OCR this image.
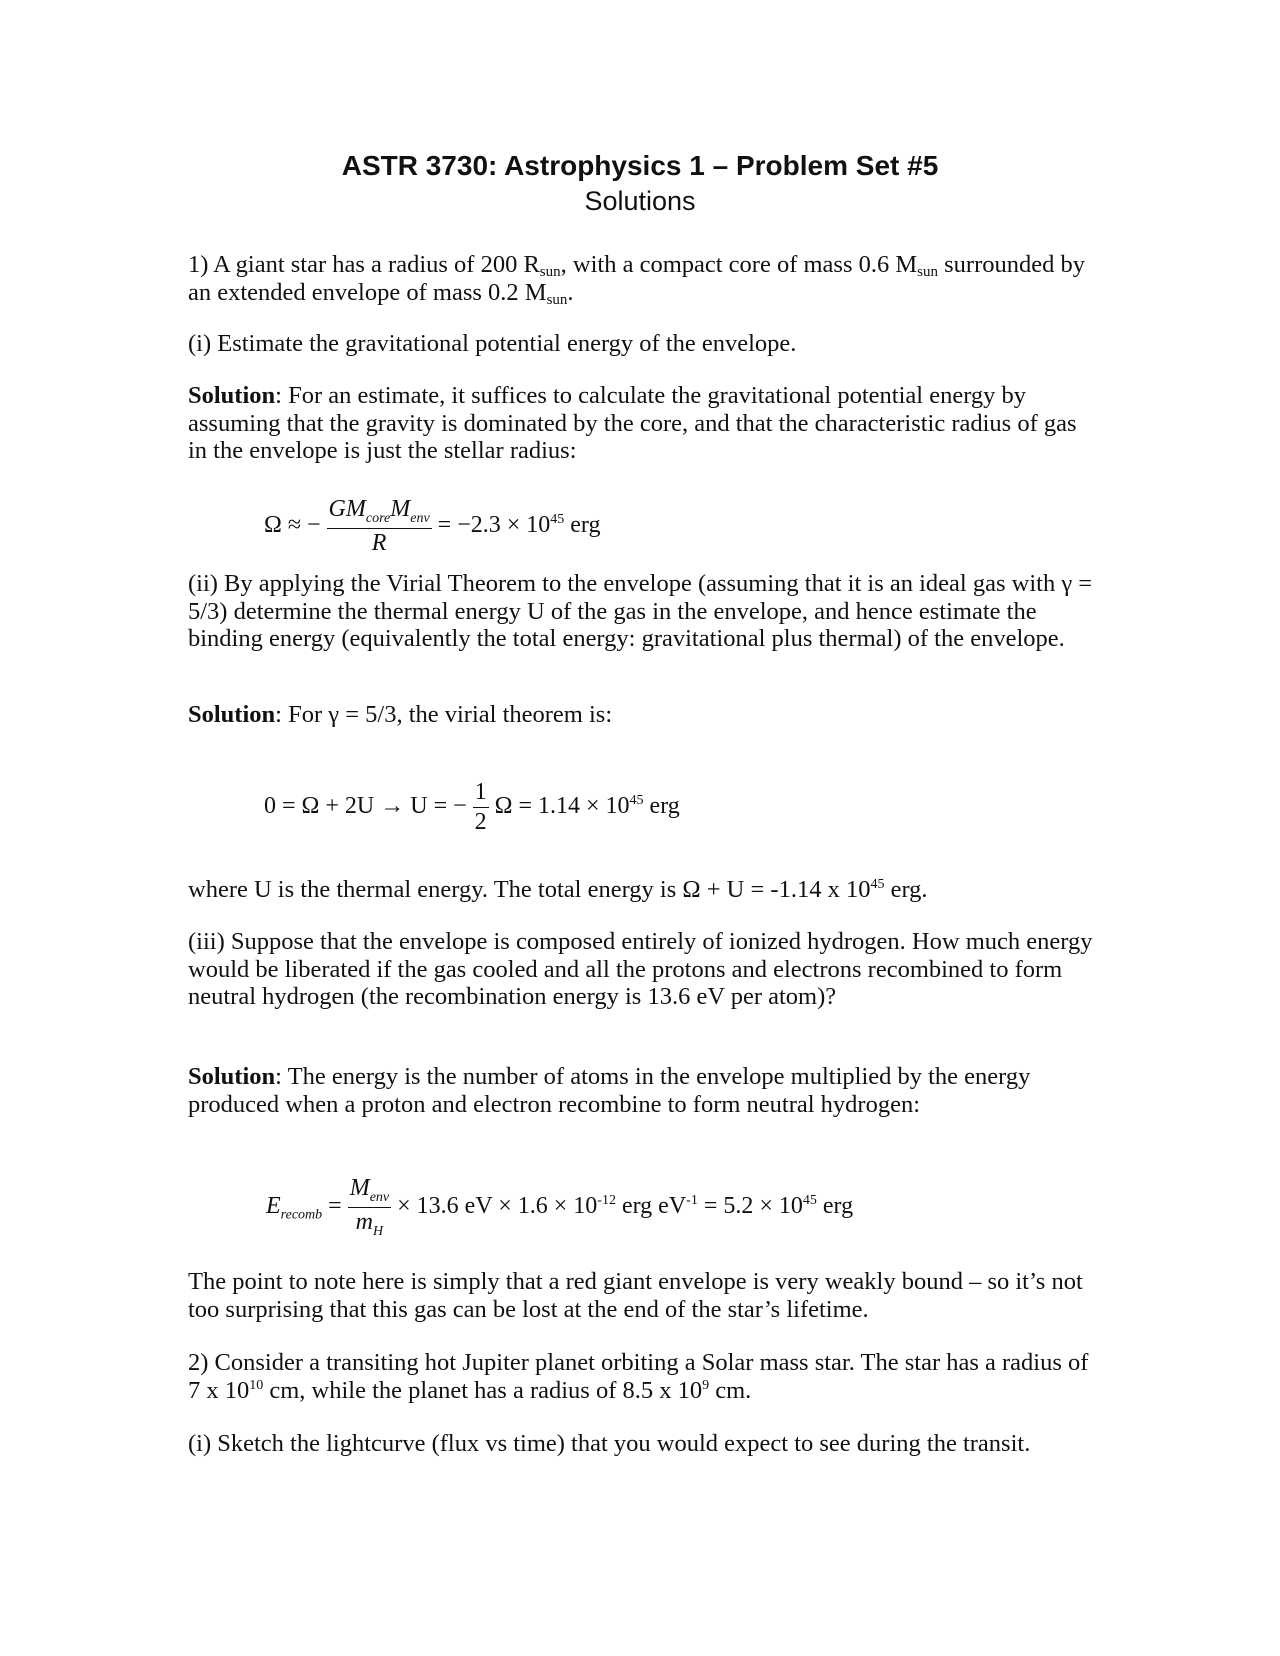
ASTR 3730: Astrophysics 1 – Problem Set #5
Solutions

1) A giant star has a radius of 200 $R_{sun}$, with a compact core of mass 0.6 $M_{sun}$ surrounded by an extended envelope of mass 0.2 $M_{sun}$.

(i) Estimate the gravitational potential energy of the envelope.

Solution: For an estimate, it suffices to calculate the gravitational potential energy by assuming that the gravity is dominated by the core, and that the characteristic radius of gas in the envelope is just the stellar radius:

Ω ≈ − $\frac{GM_{core}M_{env}}{R} = -2.3 \times 10^{45}$ erg

(ii) By applying the Virial Theorem to the envelope (assuming that it is an ideal gas with γ = 5/3) determine the thermal energy U of the gas in the envelope, and hence estimate the binding energy (equivalently the total energy: gravitational plus thermal) of the envelope.

Solution: For γ = 5/3, the virial theorem is:

0 = Ω + 2U → U = − $\frac{1}{2}$ $\Omega = 1.14 \times 10^{45}$ erg

where U is the thermal energy. The total energy is Ω + U = -1.14 x $10^{45}$ erg.

(iii) Suppose that the envelope is composed entirely of ionized hydrogen. How much energy would be liberated if the gas cooled and all the protons and electrons recombined to form neutral hydrogen (the recombination energy is 13.6 eV per atom)?

Solution: The energy is the number of atoms in the envelope multiplied by the energy produced when a proton and electron recombine to form neutral hydrogen:

$E_{recomb} = \frac{M_{env}}{m_H} \times 13.6$ eV × $1.6 \times 10^{-12}$ erg $eV^{-1} = 5.2 \times 10^{45}$ erg

The point to note here is simply that a red giant envelope is very weakly bound – so it’s not too surprising that this gas can be lost at the end of the star’s lifetime.

2) Consider a transiting hot Jupiter planet orbiting a Solar mass star. The star has a radius of 7 x $10^{10}$ cm, while the planet has a radius of 8.5 x $10^9$ cm.

(i) Sketch the lightcurve (flux vs time) that you would expect to see during the transit.
